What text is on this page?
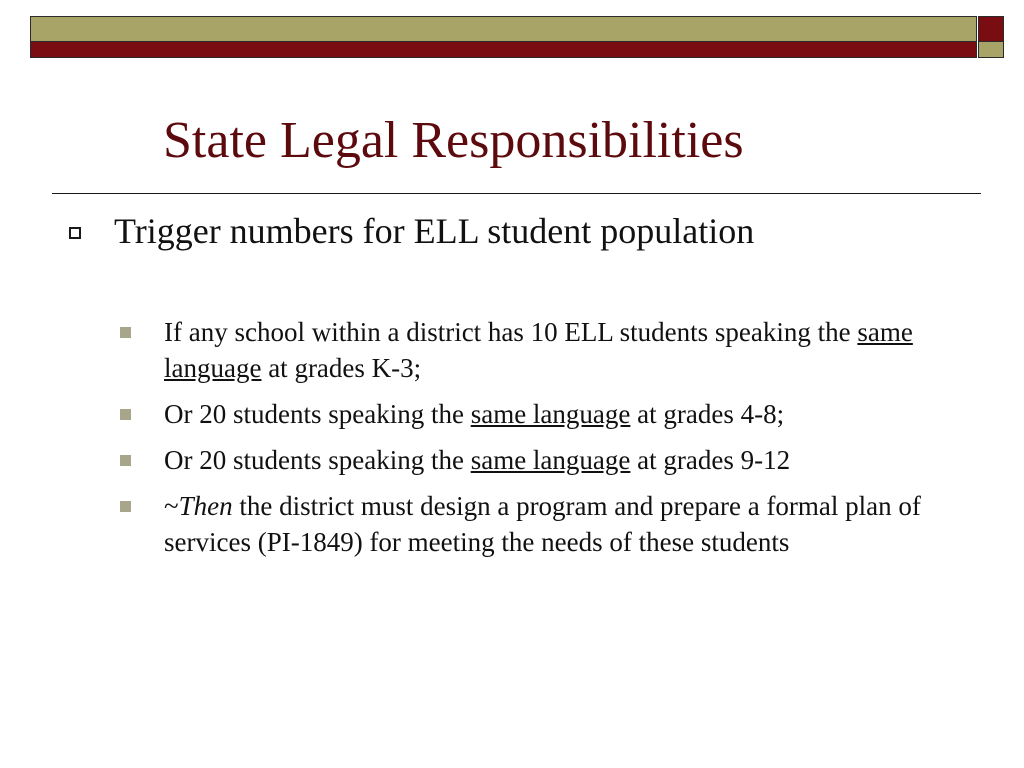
State Legal Responsibilities
Trigger numbers for ELL student population
If any school within a district has 10 ELL students speaking the same language at grades K-3;
Or 20 students speaking the same language at grades 4-8;
Or 20 students speaking the same language at grades 9-12
~Then the district must design a program and prepare a formal plan of services (PI-1849) for meeting the needs of these students
